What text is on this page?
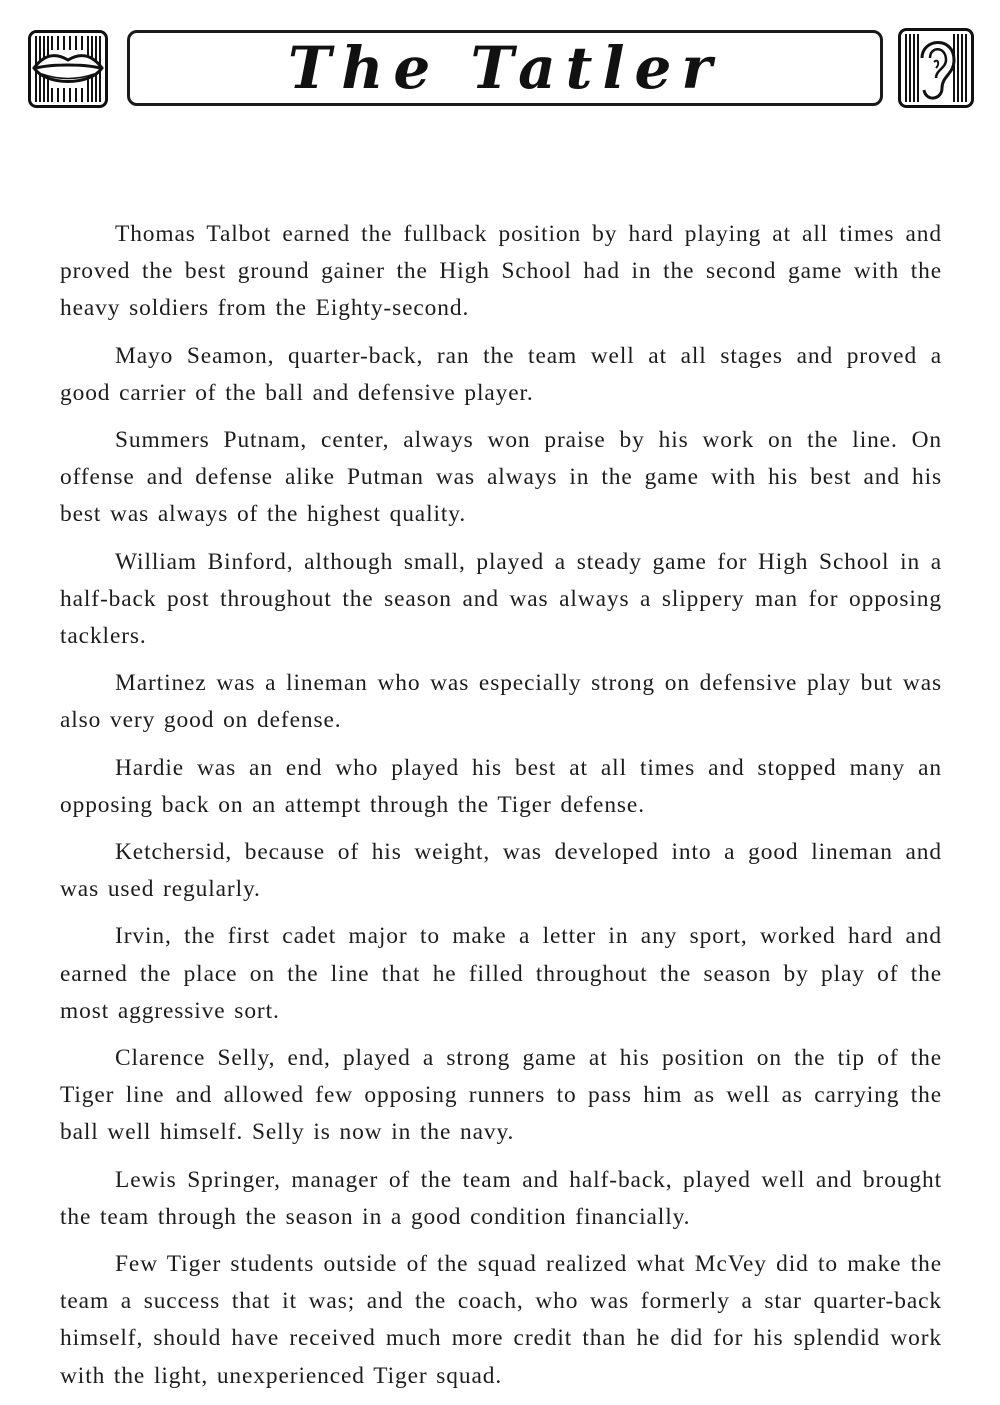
The Tatler

Thomas Talbot earned the fullback position by hard playing at all times and proved the best ground gainer the High School had in the second game with the heavy soldiers from the Eighty-second.

Mayo Seamon, quarter-back, ran the team well at all stages and proved a good carrier of the ball and defensive player.

Summers Putnam, center, always won praise by his work on the line. On offense and defense alike Putman was always in the game with his best and his best was always of the highest quality.

William Binford, although small, played a steady game for High School in a half-back post throughout the season and was always a slippery man for opposing tacklers.

Martinez was a lineman who was especially strong on defensive play but was also very good on defense.

Hardie was an end who played his best at all times and stopped many an opposing back on an attempt through the Tiger defense.

Ketchersid, because of his weight, was developed into a good lineman and was used regularly.

Irvin, the first cadet major to make a letter in any sport, worked hard and earned the place on the line that he filled throughout the season by play of the most aggressive sort.

Clarence Selly, end, played a strong game at his position on the tip of the Tiger line and allowed few opposing runners to pass him as well as carrying the ball well himself. Selly is now in the navy.

Lewis Springer, manager of the team and half-back, played well and brought the team through the season in a good condition financially.

Few Tiger students outside of the squad realized what McVey did to make the team a success that it was; and the coach, who was formerly a star quarter-back himself, should have received much more credit than he did for his splendid work with the light, unexperienced Tiger squad.
